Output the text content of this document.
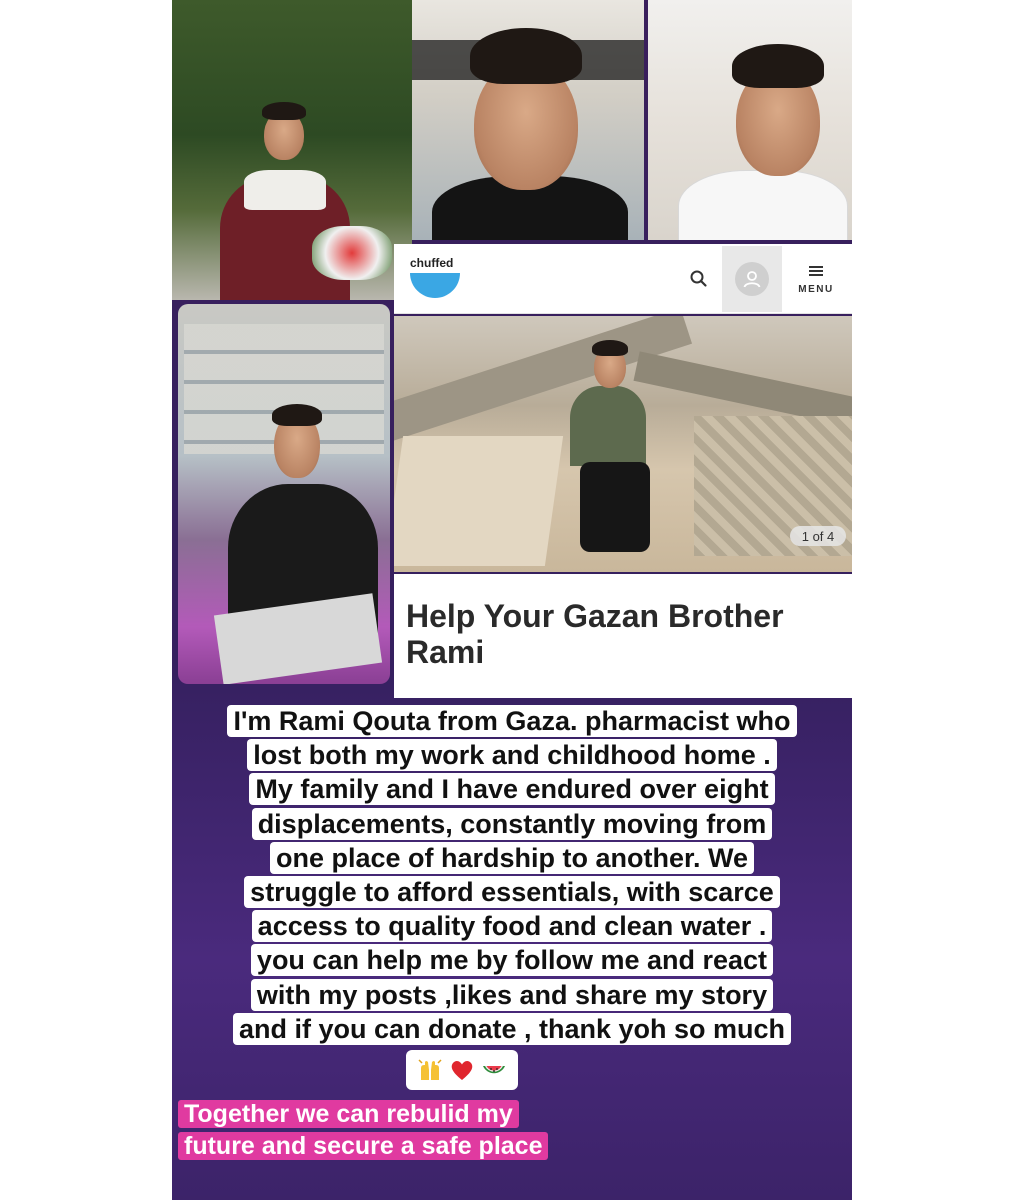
chuffed
MENU
1 of 4
Help Your Gazan Brother Rami
I'm Rami Qouta from Gaza. pharmacist who
lost both my work and childhood home .
My family and I have endured over eight
displacements, constantly moving from
one place of hardship to another. We
struggle to afford essentials, with scarce
access to quality food and clean water .
you can help me by follow me and react
with my posts ,likes and share my story
and if you can donate , thank yoh so much
Together we can rebulid my
future and secure a safe place
